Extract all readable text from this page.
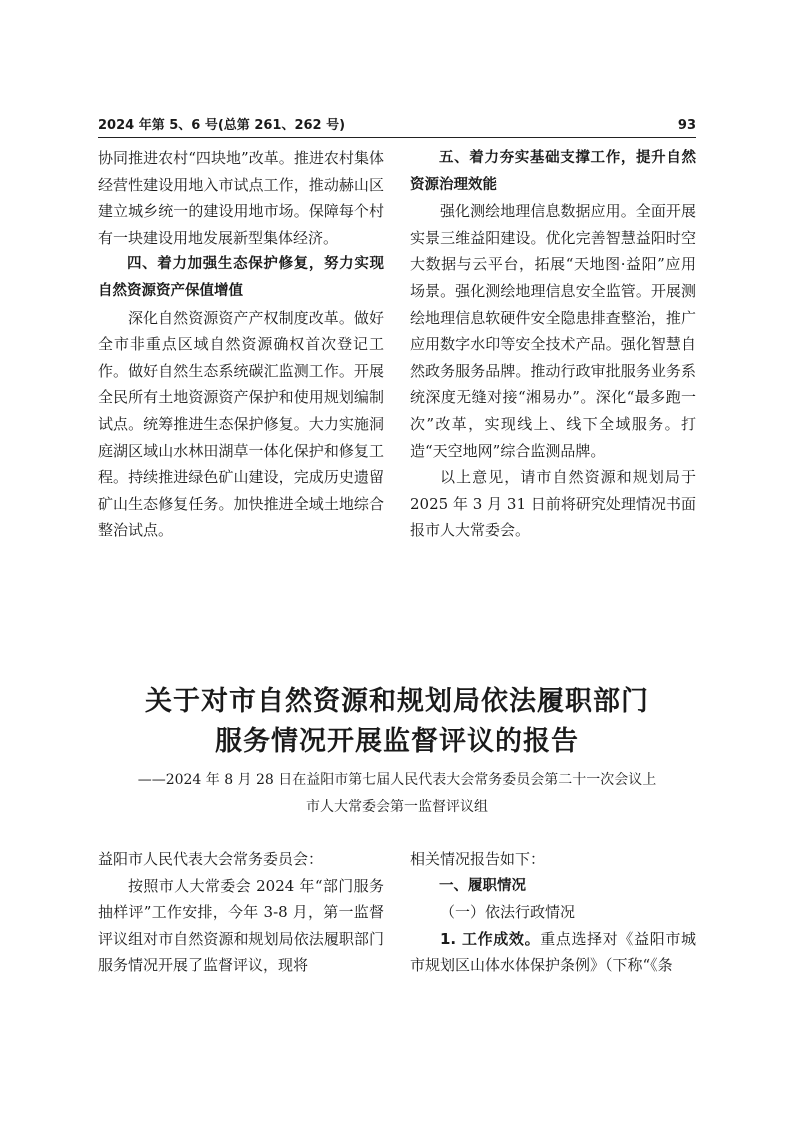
2024 年第 5、6 号(总第 261、262 号)	93

协同推进农村“四块地”改革。推进农村集体经营性建设用地入市试点工作，推动赫山区建立城乡统一的建设用地市场。保障每个村有一块建设用地发展新型集体经济。

四、着力加强生态保护修复，努力实现自然资源资产保值增值

深化自然资源资产产权制度改革。做好全市非重点区域自然资源确权首次登记工作。做好自然生态系统碳汇监测工作。开展全民所有土地资源资产保护和使用规划编制试点。统筹推进生态保护修复。大力实施洞庭湖区域山水林田湖草一体化保护和修复工程。持续推进绿色矿山建设，完成历史遗留矿山生态修复任务。加快推进全域土地综合整治试点。

五、着力夯实基础支撑工作，提升自然资源治理效能

强化测绘地理信息数据应用。全面开展实景三维益阳建设。优化完善智慧益阳时空大数据与云平台，拓展“天地图·益阳”应用场景。强化测绘地理信息安全监管。开展测绘地理信息软硬件安全隐患排查整治，推广应用数字水印等安全技术产品。强化智慧自然政务服务品牌。推动行政审批服务业务系统深度无缝对接“湘易办”。深化“最多跑一次”改革，实现线上、线下全域服务。打造“天空地网”综合监测品牌。

以上意见，请市自然资源和规划局于 2025 年 3 月 31 日前将研究处理情况书面报市人大常委会。

关于对市自然资源和规划局依法履职部门
服务情况开展监督评议的报告
——2024 年 8 月 28 日在益阳市第七届人民代表大会常务委员会第二十一次会议上
市人大常委会第一监督评议组

益阳市人民代表大会常务委员会：

按照市人大常委会 2024 年“部门服务抽样评”工作安排，今年 3-8 月，第一监督评议组对市自然资源和规划局依法履职部门服务情况开展了监督评议，现将

相关情况报告如下：

一、履职情况

（一）依法行政情况

1. 工作成效。重点选择对《益阳市城市规划区山体水体保护条例》（下称“《条
